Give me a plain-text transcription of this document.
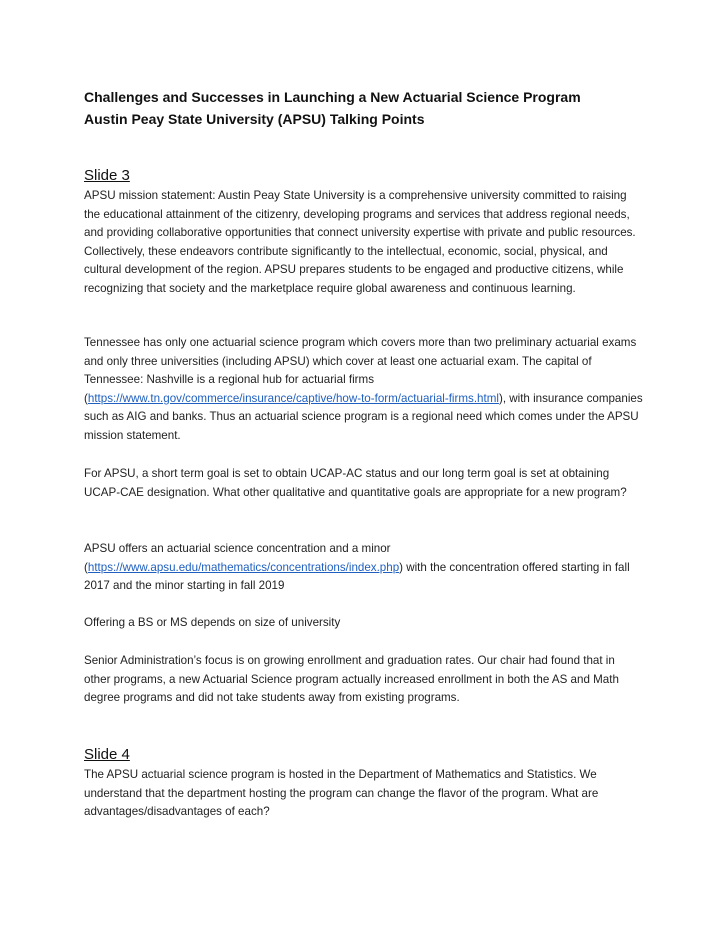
Challenges and Successes in Launching a New Actuarial Science Program
Austin Peay State University (APSU) Talking Points
Slide 3

APSU mission statement: Austin Peay State University is a comprehensive university committed to raising the educational attainment of the citizenry, developing programs and services that address regional needs, and providing collaborative opportunities that connect university expertise with private and public resources. Collectively, these endeavors contribute significantly to the intellectual, economic, social, physical, and cultural development of the region. APSU prepares students to be engaged and productive citizens, while recognizing that society and the marketplace require global awareness and continuous learning.

Tennessee has only one actuarial science program which covers more than two preliminary actuarial exams and only three universities (including APSU) which cover at least one actuarial exam. The capital of Tennessee: Nashville is a regional hub for actuarial firms (https://www.tn.gov/commerce/insurance/captive/how-to-form/actuarial-firms.html), with insurance companies such as AIG and banks. Thus an actuarial science program is a regional need which comes under the APSU mission statement.

For APSU, a short term goal is set to obtain UCAP-AC status and our long term goal is set at obtaining UCAP-CAE designation. What other qualitative and quantitative goals are appropriate for a new program?

APSU offers an actuarial science concentration and a minor (https://www.apsu.edu/mathematics/concentrations/index.php) with the concentration offered starting in fall 2017 and the minor starting in fall 2019

Offering a BS or MS depends on size of university

Senior Administration’s focus is on growing enrollment and graduation rates. Our chair had found that in other programs, a new Actuarial Science program actually increased enrollment in both the AS and Math degree programs and did not take students away from existing programs.

Slide 4

The APSU actuarial science program is hosted in the Department of Mathematics and Statistics. We understand that the department hosting the program can change the flavor of the program. What are advantages/disadvantages of each?
